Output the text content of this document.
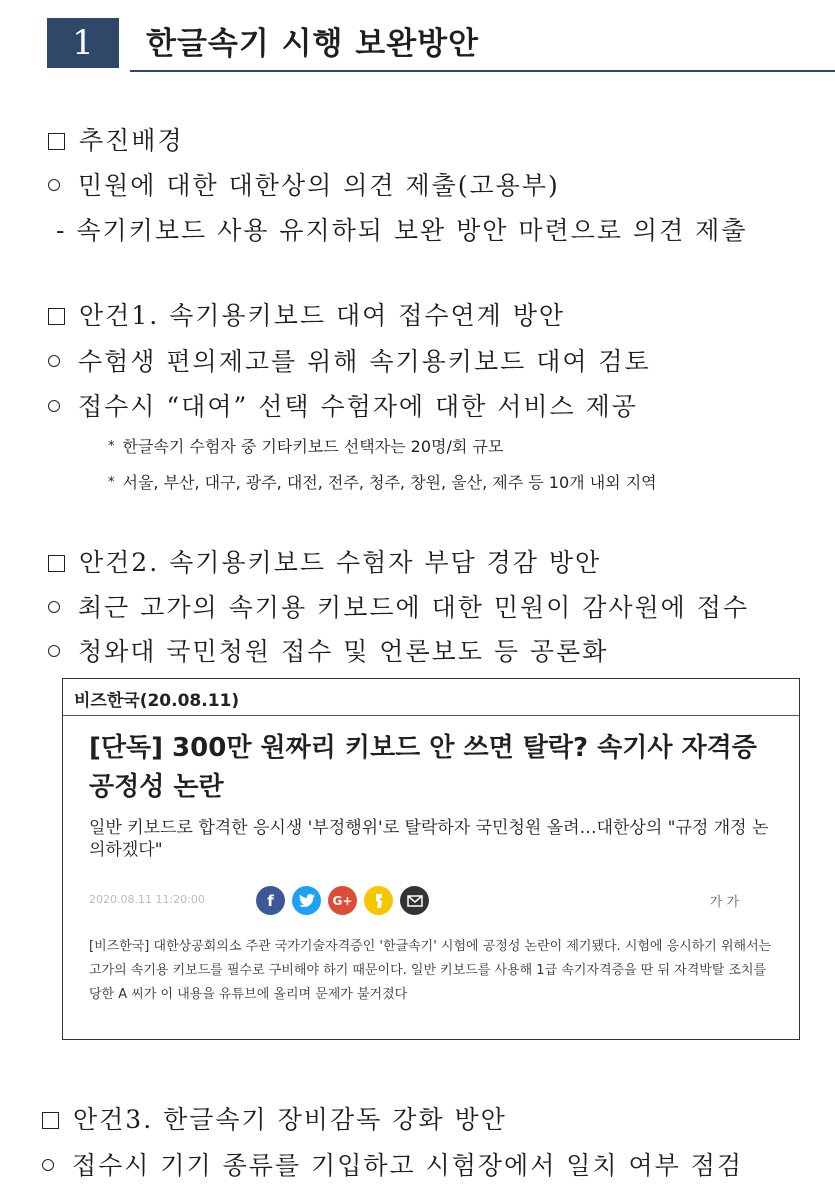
1	한글속기 시행 보완방안
추진배경
민원에 대한 대한상의 의견 제출(고용부)
- 속기키보드 사용 유지하되 보완 방안 마련으로 의견 제출
안건1. 속기용키보드 대여 접수연계 방안
수험생 편의제고를 위해 속기용키보드 대여 검토
접수시 “대여” 선택 수험자에 대한 서비스 제공
* 한글속기 수험자 중 기타키보드 선택자는 20명/회 규모
* 서울, 부산, 대구, 광주, 대전, 전주, 청주, 창원, 울산, 제주 등 10개 내외 지역
안건2. 속기용키보드 수험자 부담 경감 방안
최근 고가의 속기용 키보드에 대한 민원이 감사원에 접수
청와대 국민청원 접수 및 언론보도 등 공론화
비즈한국(20.08.11)
[단독] 300만 원짜리 키보드 안 쓰면 탈락? 속기사 자격증 공정성 논란
일반 키보드로 합격한 응시생 '부정행위'로 탈락하자 국민청원 올려…대한상의 "규정 개정 논의하겠다"
2020.08.11 11:20:00	f	G+	가 가
[비즈한국] 대한상공회의소 주관 국가기술자격증인 '한글속기' 시험에 공정성 논란이 제기됐다. 시험에 응시하기 위해서는 고가의 속기용 키보드를 필수로 구비해야 하기 때문이다. 일반 키보드를 사용해 1급 속기자격증을 딴 뒤 자격박탈 조치를 당한 A 씨가 이 내용을 유튜브에 올리며 문제가 불거졌다
안건3. 한글속기 장비감독 강화 방안
접수시 기기 종류를 기입하고 시험장에서 일치 여부 점검
